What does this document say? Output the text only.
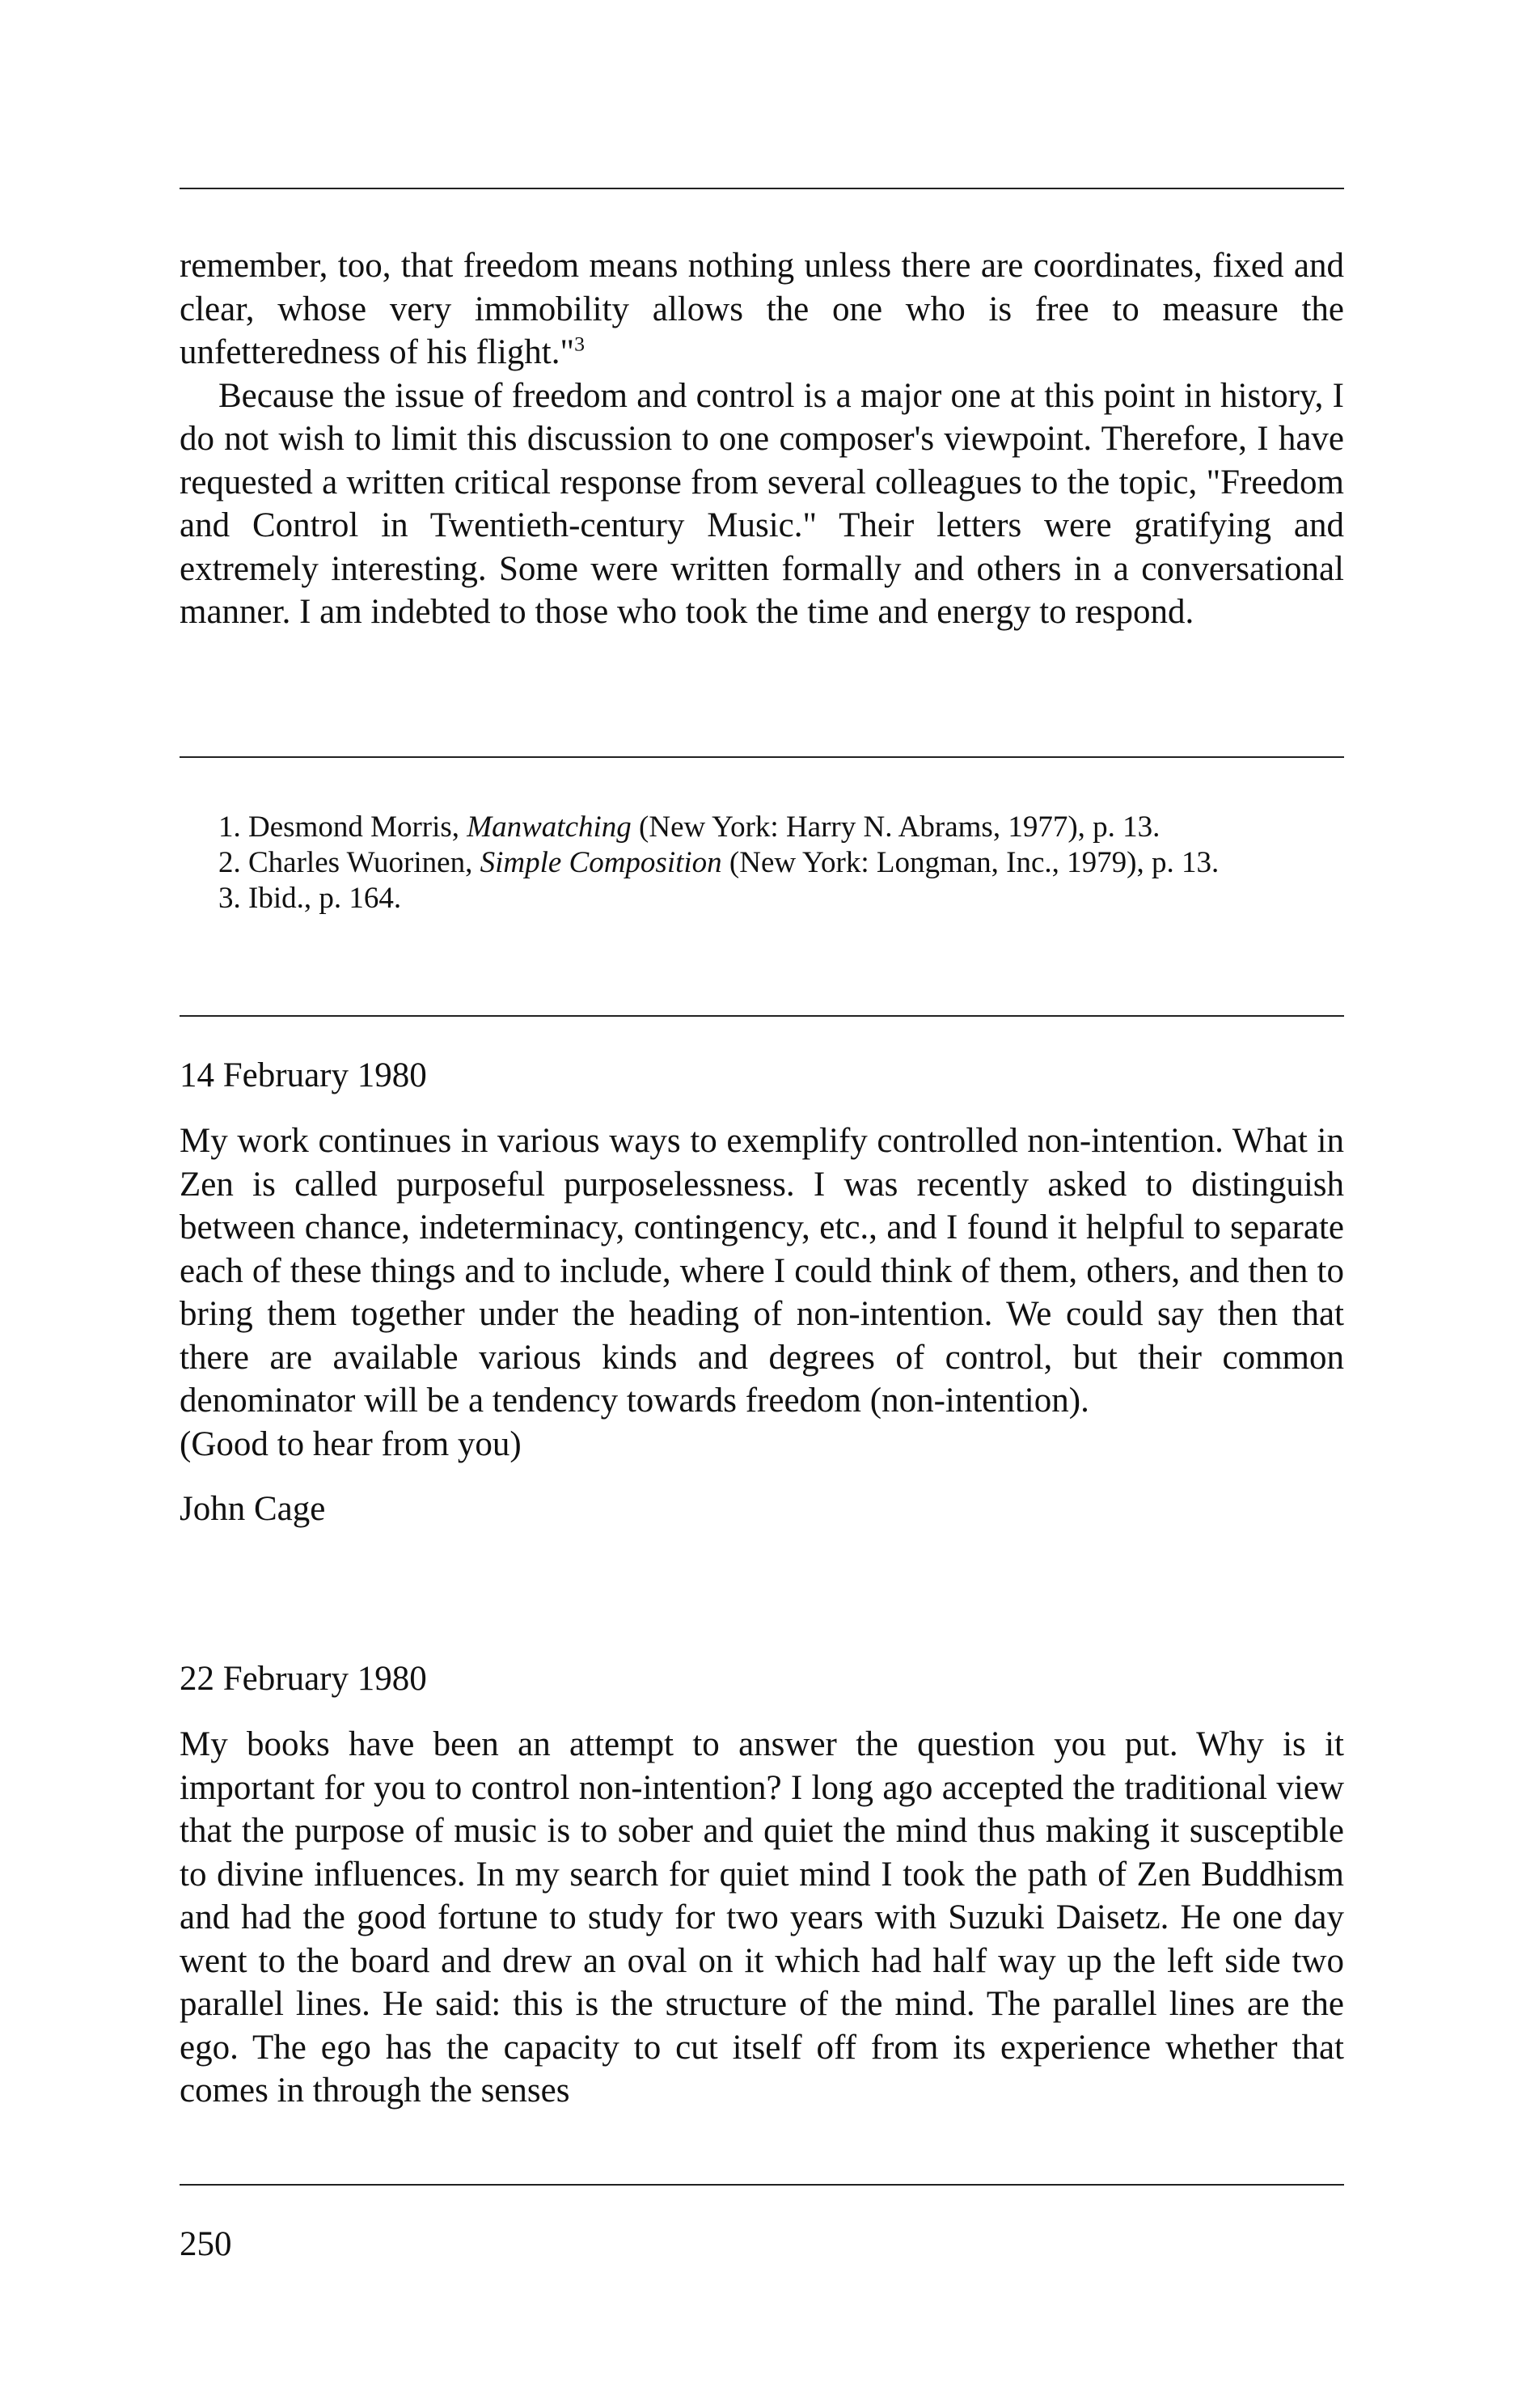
remember, too, that freedom means nothing unless there are coordinates, fixed and clear, whose very immobility allows the one who is free to measure the unfetteredness of his flight."$^3$

Because the issue of freedom and control is a major one at this point in history, I do not wish to limit this discussion to one composer's viewpoint. Therefore, I have requested a written critical response from several colleagues to the topic, "Freedom and Control in Twentieth-century Music." Their letters were gratifying and extremely interesting. Some were written formally and others in a conversational manner. I am indebted to those who took the time and energy to respond.

1. Desmond Morris, Manwatching (New York: Harry N. Abrams, 1977), p. 13.

2. Charles Wuorinen, Simple Composition (New York: Longman, Inc., 1979), p. 13.

3. Ibid., p. 164.

14 February 1980

My work continues in various ways to exemplify controlled non-intention. What in Zen is called purposeful purposelessness. I was recently asked to distinguish between chance, indeterminacy, contingency, etc., and I found it helpful to separate each of these things and to include, where I could think of them, others, and then to bring them together under the heading of non-intention. We could say then that there are available various kinds and degrees of control, but their common denominator will be a tendency towards freedom (non-intention).

(Good to hear from you)

John Cage

22 February 1980

My books have been an attempt to answer the question you put. Why is it important for you to control non-intention? I long ago accepted the traditional view that the purpose of music is to sober and quiet the mind thus making it susceptible to divine influences. In my search for quiet mind I took the path of Zen Buddhism and had the good fortune to study for two years with Suzuki Daisetz. He one day went to the board and drew an oval on it which had half way up the left side two parallel lines. He said: this is the structure of the mind. The parallel lines are the ego. The ego has the capacity to cut itself off from its experience whether that comes in through the senses

250
